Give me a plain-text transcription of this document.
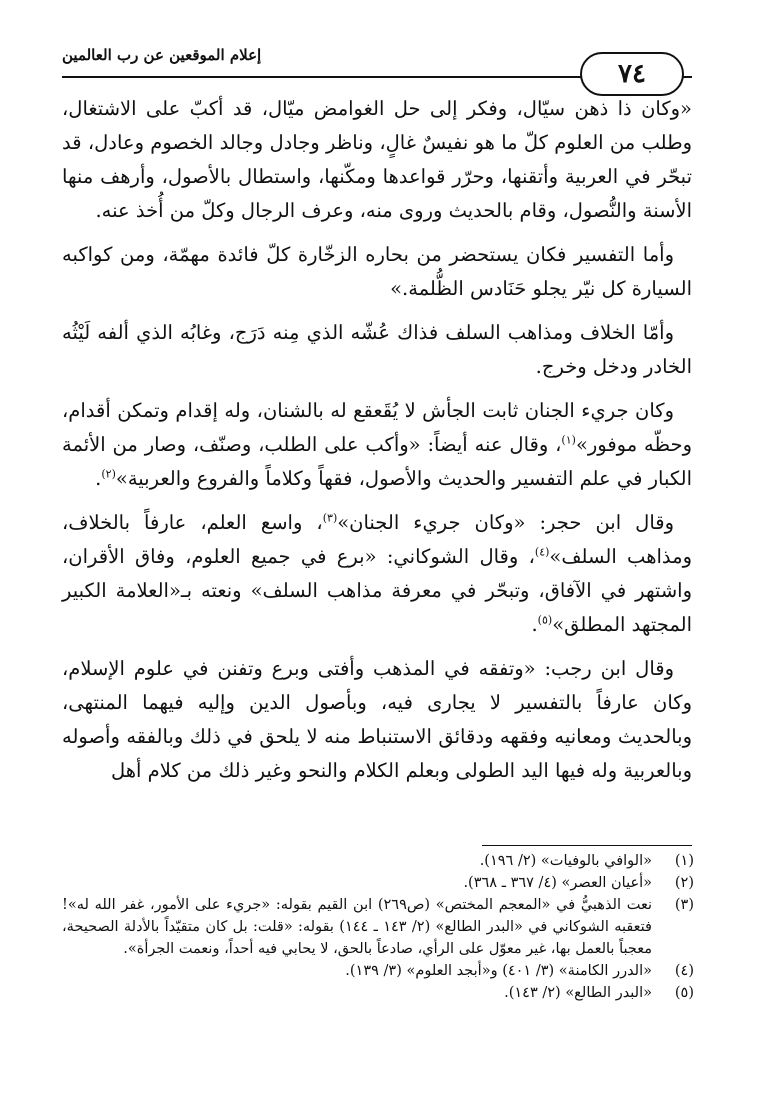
إعلام الموقعين عن رب العالمين
٧٤

«وكان ذا ذهن سيّال، وفكر إلى حل الغوامض ميّال، قد أكبّ على الاشتغال، وطلب من العلوم كلّ ما هو نفيسٌ غالٍ، وناظر وجادل وجالد الخصوم وعادل، قد تبحّر في العربية وأتقنها، وحرّر قواعدها ومكّنها، واستطال بالأصول، وأرهف منها الأسنة والنُّصول، وقام بالحديث وروى منه، وعرف الرجال وكلّ من أُخذ عنه.

وأما التفسير فكان يستحضر من بحاره الزخّارة كلّ فائدة مهمّة، ومن كواكبه السيارة كل نيّر يجلو حَنَادس الظُّلمة.»

وأمّا الخلاف ومذاهب السلف فذاك عُشّه الذي مِنه دَرَج، وغابُه الذي ألفه لَيْثُه الخادر ودخل وخرج.

وكان جريء الجنان ثابت الجأش لا يُقَعقع له بالشنان، وله إقدام وتمكن أقدام، وحظّه موفور»$^{(١)}$، وقال عنه أيضاً: «وأكب على الطلب، وصنّف، وصار من الأئمة الكبار في علم التفسير والحديث والأصول، فقهاً وكلاماً والفروع والعربية»$^{(٢)}$.

وقال ابن حجر: «وكان جريء الجنان»$^{(٣)}$، واسع العلم، عارفاً بالخلاف، ومذاهب السلف»$^{(٤)}$، وقال الشوكاني: «برع في جميع العلوم، وفاق الأقران، واشتهر في الآفاق، وتبحّر في معرفة مذاهب السلف» ونعته بـ«العلامة الكبير المجتهد المطلق»$^{(٥)}$.

وقال ابن رجب: «وتفقه في المذهب وأفتى وبرع وتفنن في علوم الإسلام، وكان عارفاً بالتفسير لا يجارى فيه، وبأصول الدين وإليه فيهما المنتهى، وبالحديث ومعانيه وفقهه ودقائق الاستنباط منه لا يلحق في ذلك وبالفقه وأصوله وبالعربية وله فيها اليد الطولى وبعلم الكلام والنحو وغير ذلك من كلام أهل

(١)
«الوافي بالوفيات» (٢/ ١٩٦).
(٢)
«أعيان العصر» (٤/ ٣٦٧ ـ ٣٦٨).
(٣)
نعت الذهبيُّ في «المعجم المختص» (ص٢٦٩) ابن القيم بقوله: «جريء على الأمور، غفر الله له»! فتعقبه الشوكاني في «البدر الطالع» (٢/ ١٤٣ ـ ١٤٤) بقوله: «قلت: بل كان متقيّداً بالأدلة الصحيحة، معجباً بالعمل بها، غير معوّل على الرأي، صادعاً بالحق، لا يحابي فيه أحداً، ونعمت الجرأة».
(٤)
«الدرر الكامنة» (٣/ ٤٠١) و«أبجد العلوم» (٣/ ١٣٩).
(٥)
«البدر الطالع» (٢/ ١٤٣).
